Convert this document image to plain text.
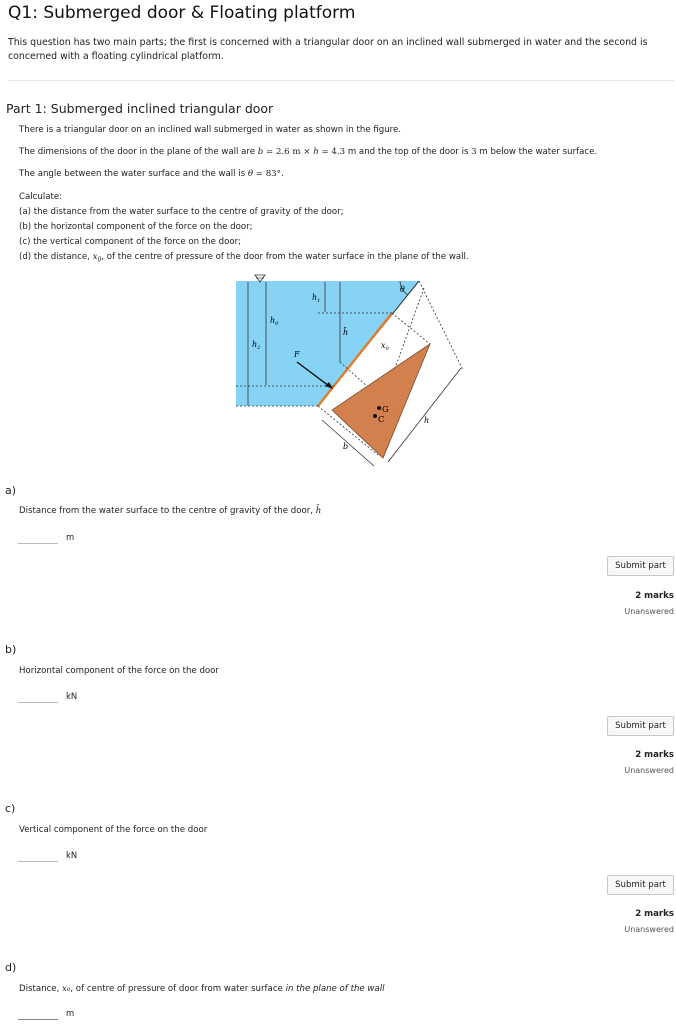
Q1: Submerged door & Floating platform
This question has two main parts; the first is concerned with a triangular door on an inclined wall submerged in water and the second is concerned with a floating cylindrical platform.
Part 1: Submerged inclined triangular door
There is a triangular door on an inclined wall submerged in water as shown in the figure.
The dimensions of the door in the plane of the wall are b = 2.6 m × h = 4.3 m and the top of the door is 3 m below the water surface.
The angle between the water surface and the wall is θ = 83°.
Calculate:
(a) the distance from the water surface to the centre of gravity of the door;
(b) the horizontal component of the force on the door;
(c) the vertical component of the force on the door;
(d) the distance, $x_0$, of the centre of pressure of the door from the water surface in the plane of the wall.
θ
$h_1$
$h_0$
$h_2$
h̄
F
$x_0$
G
C
b
h
a)
Distance from the water surface to the centre of gravity of the door, h̄
m
Submit part
2 marks
Unanswered
b)
Horizontal component of the force on the door
kN
Submit part
2 marks
Unanswered
c)
Vertical component of the force on the door
kN
Submit part
2 marks
Unanswered
d)
Distance, x₀, of centre of pressure of door from water surface in the plane of the wall
m
